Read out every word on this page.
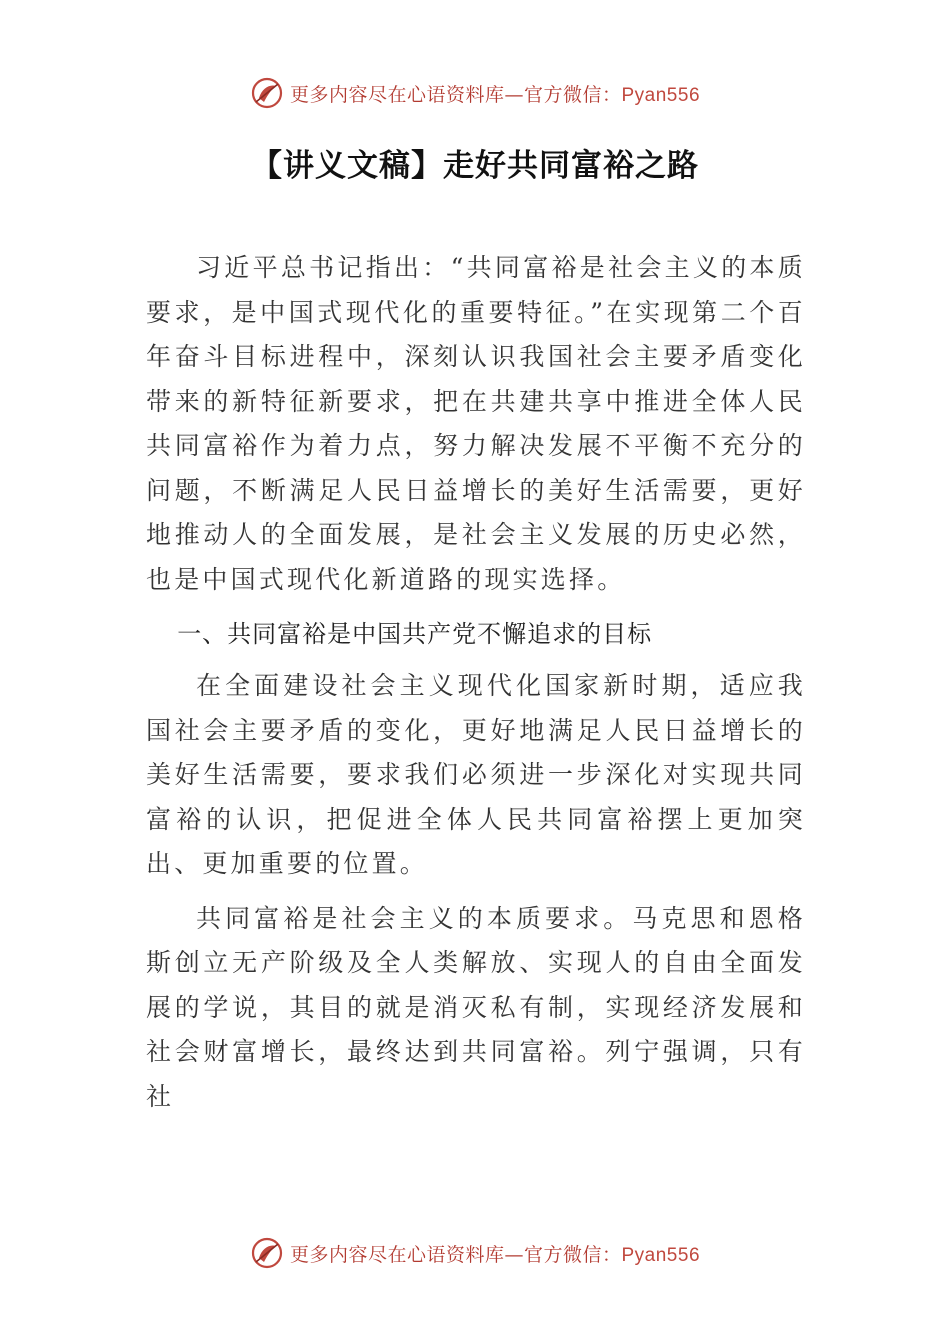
更多内容尽在心语资料库—官方微信：Pyan556
【讲义文稿】走好共同富裕之路

习近平总书记指出：“共同富裕是社会主义的本质要求，是中国式现代化的重要特征。”在实现第二个百年奋斗目标进程中，深刻认识我国社会主要矛盾变化带来的新特征新要求，把在共建共享中推进全体人民共同富裕作为着力点，努力解决发展不平衡不充分的问题，不断满足人民日益增长的美好生活需要，更好地推动人的全面发展，是社会主义发展的历史必然，也是中国式现代化新道路的现实选择。

一、共同富裕是中国共产党不懈追求的目标

在全面建设社会主义现代化国家新时期，适应我国社会主要矛盾的变化，更好地满足人民日益增长的美好生活需要，要求我们必须进一步深化对实现共同富裕的认识，把促进全体人民共同富裕摆上更加突出、更加重要的位置。

共同富裕是社会主义的本质要求。马克思和恩格斯创立无产阶级及全人类解放、实现人的自由全面发展的学说，其目的就是消灭私有制，实现经济发展和社会财富增长，最终达到共同富裕。列宁强调，只有社

更多内容尽在心语资料库—官方微信：Pyan556
